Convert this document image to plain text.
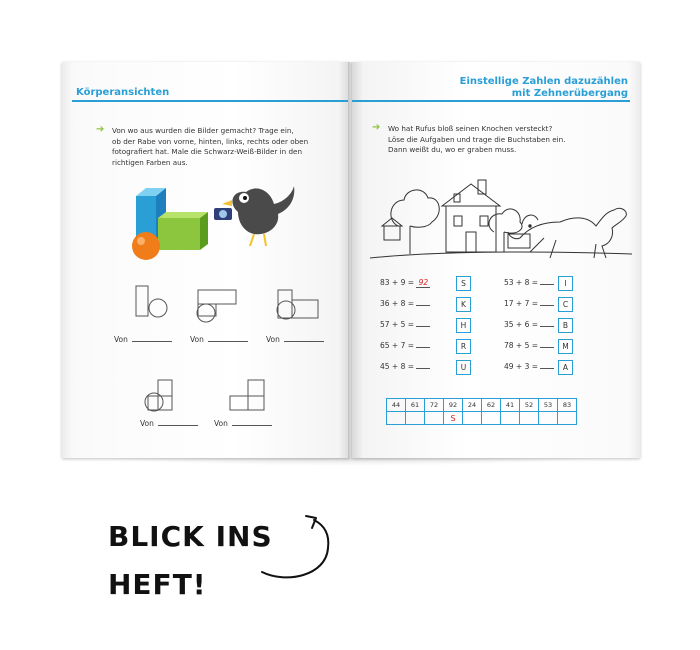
Körperansichten
➔ Von wo aus wurden die Bilder gemacht? Trage ein,
ob der Rabe von vorne, hinten, links, rechts oder oben
fotografiert hat. Male die Schwarz-Weiß-Bilder in den
richtigen Farben aus.
Von	Von	Von
Von	Von
Einstellige Zahlen dazuzählen
mit Zehnerübergang
➔ Wo hat Rufus bloß seinen Knochen versteckt?
Löse die Aufgaben und trage die Buchstaben ein.
Dann weißt du, wo er graben muss.
83 + 9 = 92	S
36 + 8 =	K
57 + 5 =	H
65 + 7 =	R
45 + 8 =	U
53 + 8 =	I
17 + 7 =	C
35 + 6 =	B
78 + 5 =	M
49 + 3 =	A
44	61	72	92	24	62	41	52	53	83
			S						
BLICK INS
HEFT!
